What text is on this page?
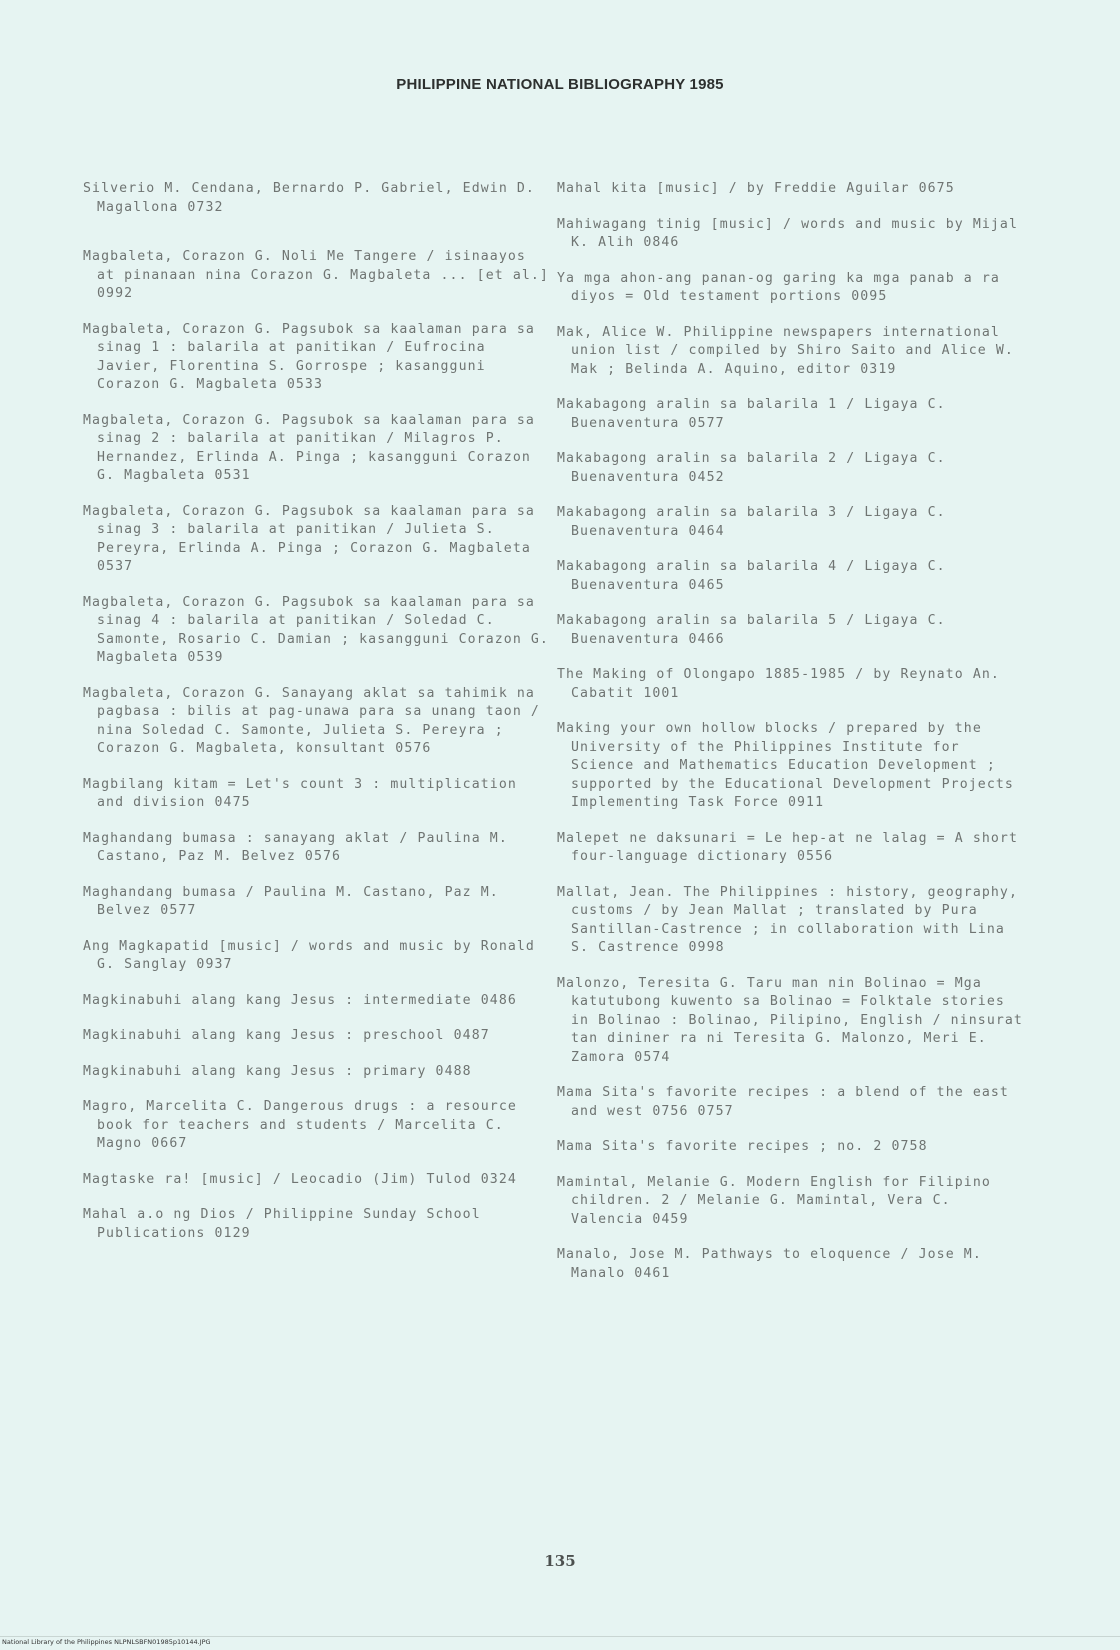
PHILIPPINE NATIONAL BIBLIOGRAPHY 1985

Silverio M. Cendana, Bernardo P. Gabriel, Edwin D. Magallona 0732

Magbaleta, Corazon G. Noli Me Tangere / isinaayos at pinanaan nina Corazon G. Magbaleta ... [et al.] 0992

Magbaleta, Corazon G. Pagsubok sa kaalaman para sa sinag 1 : balarila at panitikan / Eufrocina Javier, Florentina S. Gorrospe ; kasangguni Corazon G. Magbaleta 0533

Magbaleta, Corazon G. Pagsubok sa kaalaman para sa sinag 2 : balarila at panitikan / Milagros P. Hernandez, Erlinda A. Pinga ; kasangguni Corazon G. Magbaleta 0531

Magbaleta, Corazon G. Pagsubok sa kaalaman para sa sinag 3 : balarila at panitikan / Julieta S. Pereyra, Erlinda A. Pinga ; Corazon G. Magbaleta 0537

Magbaleta, Corazon G. Pagsubok sa kaalaman para sa sinag 4 : balarila at panitikan / Soledad C. Samonte, Rosario C. Damian ; kasangguni Corazon G. Magbaleta 0539

Magbaleta, Corazon G. Sanayang aklat sa tahimik na pagbasa : bilis at pag-unawa para sa unang taon / nina Soledad C. Samonte, Julieta S. Pereyra ; Corazon G. Magbaleta, konsultant 0576

Magbilang kitam = Let's count 3 : multiplication and division 0475

Maghandang bumasa : sanayang aklat / Paulina M. Castano, Paz M. Belvez 0576

Maghandang bumasa / Paulina M. Castano, Paz M. Belvez 0577

Ang Magkapatid [music] / words and music by Ronald G. Sanglay 0937

Magkinabuhi alang kang Jesus : intermediate 0486

Magkinabuhi alang kang Jesus : preschool 0487

Magkinabuhi alang kang Jesus : primary 0488

Magro, Marcelita C. Dangerous drugs : a resource book for teachers and students / Marcelita C. Magno 0667

Magtaske ra! [music] / Leocadio (Jim) Tulod 0324

Mahal a.o ng Dios / Philippine Sunday School Publications 0129

Mahal kita [music] / by Freddie Aguilar 0675

Mahiwagang tinig [music] / words and music by Mijal K. Alih 0846

Ya mga ahon-ang panan-og garing ka mga panab a ra diyos = Old testament portions 0095

Mak, Alice W. Philippine newspapers international union list / compiled by Shiro Saito and Alice W. Mak ; Belinda A. Aquino, editor 0319

Makabagong aralin sa balarila 1 / Ligaya C. Buenaventura 0577

Makabagong aralin sa balarila 2 / Ligaya C. Buenaventura 0452

Makabagong aralin sa balarila 3 / Ligaya C. Buenaventura 0464

Makabagong aralin sa balarila 4 / Ligaya C. Buenaventura 0465

Makabagong aralin sa balarila 5 / Ligaya C. Buenaventura 0466

The Making of Olongapo 1885-1985 / by Reynato An. Cabatit 1001

Making your own hollow blocks / prepared by the University of the Philippines Institute for Science and Mathematics Education Development ; supported by the Educational Development Projects Implementing Task Force 0911

Malepet ne daksunari = Le hep-at ne lalag = A short four-language dictionary 0556

Mallat, Jean. The Philippines : history, geography, customs / by Jean Mallat ; translated by Pura Santillan-Castrence ; in collaboration with Lina S. Castrence 0998

Malonzo, Teresita G. Taru man nin Bolinao = Mga katutubong kuwento sa Bolinao = Folktale stories in Bolinao : Bolinao, Pilipino, English / ninsurat tan dininer ra ni Teresita G. Malonzo, Meri E. Zamora 0574

Mama Sita's favorite recipes : a blend of the east and west 0756 0757

Mama Sita's favorite recipes ; no. 2 0758

Mamintal, Melanie G. Modern English for Filipino children. 2 / Melanie G. Mamintal, Vera C. Valencia 0459

Manalo, Jose M. Pathways to eloquence / Jose M. Manalo 0461

135
National Library of the Philippines NLPNLSBFN01985p10144.JPG
